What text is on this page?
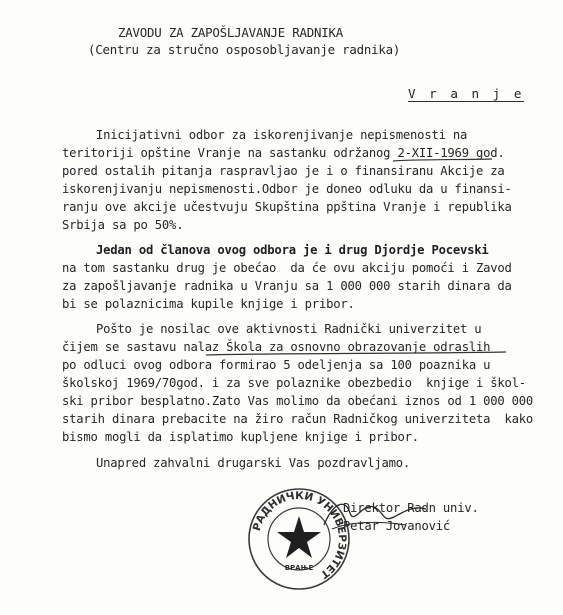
ZAVODU ZA ZAPOŠLJAVANJE RADNIKA
(Centru za stručno osposobljavanje radnika)
V r a n j e
Inicijativni odbor za iskorenjivanje nepismenosti na
teritoriji opštine Vranje na sastanku održanog 2-XII-1969 god.
pored ostalih pitanja raspravljao je i o finansiranu Akcije za
iskorenjivanju nepismenosti.Odbor je doneo odluku da u finansi-
ranju ove akcije učestvuju Skupština ppština Vranje i republika
Srbija sa po 50%.
Jedan od članova ovog odbora je i drug Djordje Pocevski
na tom sastanku drug je obećao  da će ovu akciju pomoći i Zavod
za zapošljavanje radnika u Vranju sa 1 000 000 starih dinara da
bi se polaznicima kupile knjige i pribor.
Pošto je nosilac ove aktivnosti Radnički univerzitet u
čijem se sastavu nalaz Škola za osnovno obrazovanje odraslih
po odluci ovog odbora formirao 5 odeljenja sa 100 poaznika u
školskoj 1969/70god. i za sve polaznike obezbedio  knjige i škol-
ski pribor besplatno.Zato Vas molimo da obećani iznos od 1 000 000
starih dinara prebacite na žiro račun Radničkog univerziteta  kako
bismo mogli da isplatimo kupljene knjige i pribor.
Unapred zahvalni drugarski Vas pozdravljamo.
РАДНИЧКИ УНИВЕРЗИТЕТ
ВРАЊЕ
Direktor Radn univ.
Petar Jovanović
